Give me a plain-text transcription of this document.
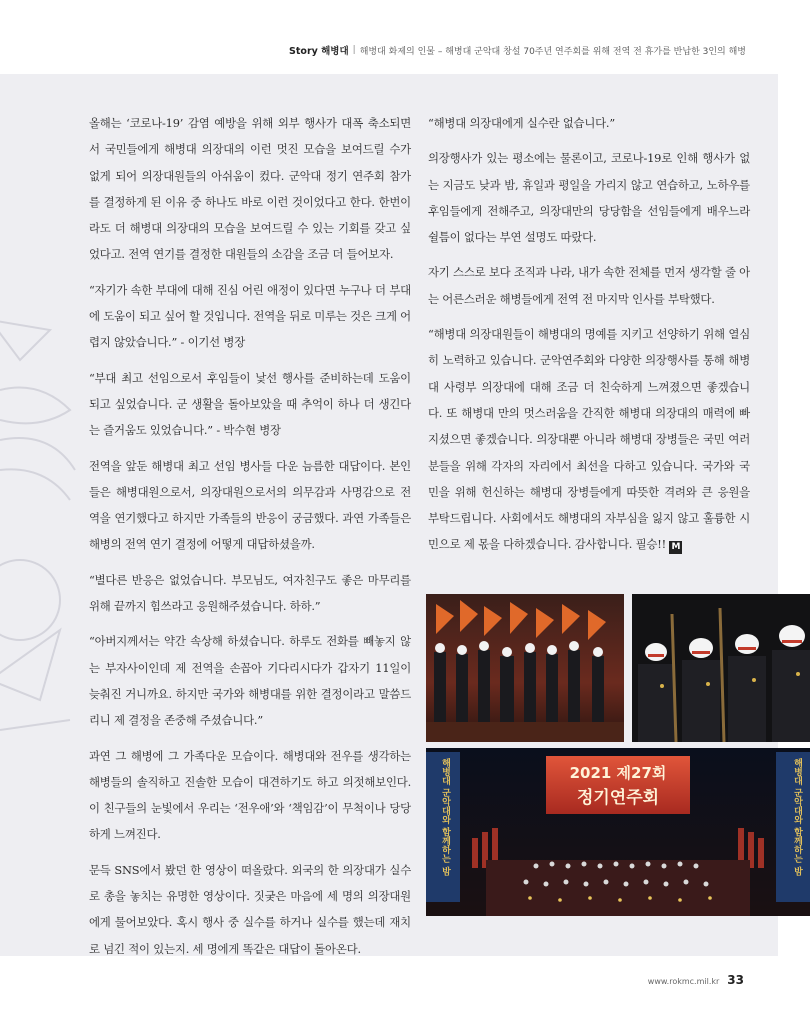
Story 해병대 | 해병대 화제의 인물 – 해병대 군악대 창설 70주년 연주회를 위해 전역 전 휴가를 반납한 3인의 해병

올해는 ‘코로나-19’ 감염 예방을 위해 외부 행사가 대폭 축소되면서 국민들에게 해병대 의장대의 이런 멋진 모습을 보여드릴 수가 없게 되어 의장대원들의 아쉬움이 컸다. 군악대 정기 연주회 참가를 결정하게 된 이유 중 하나도 바로 이런 것이었다고 한다. 한번이라도 더 해병대 의장대의 모습을 보여드릴 수 있는 기회를 갖고 싶었다고. 전역 연기를 결정한 대원들의 소감을 조금 더 들어보자.

“자기가 속한 부대에 대해 진심 어린 애정이 있다면 누구나 더 부대에 도움이 되고 싶어 할 것입니다. 전역을 뒤로 미루는 것은 크게 어렵지 않았습니다.” - 이기선 병장

“부대 최고 선임으로서 후임들이 낯선 행사를 준비하는데 도움이 되고 싶었습니다. 군 생활을 돌아보았을 때 추억이 하나 더 생긴다는 즐거움도 있었습니다.” - 박수현 병장

전역을 앞둔 해병대 최고 선임 병사들 다운 늠름한 대답이다. 본인들은 해병대원으로서, 의장대원으로서의 의무감과 사명감으로 전역을 연기했다고 하지만 가족들의 반응이 궁금했다. 과연 가족들은 해병의 전역 연기 결정에 어떻게 대답하셨을까.

“별다른 반응은 없었습니다. 부모님도, 여자친구도 좋은 마무리를 위해 끝까지 힘쓰라고 응원해주셨습니다. 하하.”

“아버지께서는 약간 속상해 하셨습니다. 하루도 전화를 빼놓지 않는 부자사이인데 제 전역을 손꼽아 기다리시다가 갑자기 11일이 늦춰진 거니까요. 하지만 국가와 해병대를 위한 결정이라고 말씀드리니 제 결정을 존중해 주셨습니다.”

과연 그 해병에 그 가족다운 모습이다. 해병대와 전우를 생각하는 해병들의 솔직하고 진솔한 모습이 대견하기도 하고 의젓해보인다. 이 친구들의 눈빛에서 우리는 ‘전우애’와 ‘책임감’이 무척이나 당당하게 느껴진다.

문득 SNS에서 봤던 한 영상이 떠올랐다. 외국의 한 의장대가 실수로 총을 놓치는 유명한 영상이다. 짓궂은 마음에 세 명의 의장대원에게 물어보았다. 혹시 행사 중 실수를 하거나 실수를 했는데 재치로 넘긴 적이 있는지. 세 명에게 똑같은 대답이 돌아온다.

“해병대 의장대에게 실수란 없습니다.”

의장행사가 있는 평소에는 물론이고, 코로나-19로 인해 행사가 없는 지금도 낮과 밤, 휴일과 평일을 가리지 않고 연습하고, 노하우를 후임들에게 전해주고, 의장대만의 당당함을 선임들에게 배우느라 쉴틈이 없다는 부연 설명도 따랐다.

자기 스스로 보다 조직과 나라, 내가 속한 전체를 먼저 생각할 줄 아는 어른스러운 해병들에게 전역 전 마지막 인사를 부탁했다.

“해병대 의장대원들이 해병대의 명예를 지키고 선양하기 위해 열심히 노력하고 있습니다. 군악연주회와 다양한 의장행사를 통해 해병대 사령부 의장대에 대해 조금 더 친숙하게 느껴졌으면 좋겠습니다. 또 해병대 만의 멋스러움을 간직한 해병대 의장대의 매력에 빠지셨으면 좋겠습니다. 의장대뿐 아니라 해병대 장병들은 국민 여러분들을 위해 각자의 자리에서 최선을 다하고 있습니다. 국가와 국민을 위해 헌신하는 해병대 장병들에게 따뜻한 격려와 큰 응원을 부탁드립니다. 사회에서도 해병대의 자부심을 잃지 않고 훌륭한 시민으로 제 몫을 다하겠습니다. 감사합니다. 필승!! M

2021 제27회
정기연주회
해병대 군악대와 함께하는 밤	해병대 군악대와 함께하는 밤
www.rokmc.mil.kr 33
